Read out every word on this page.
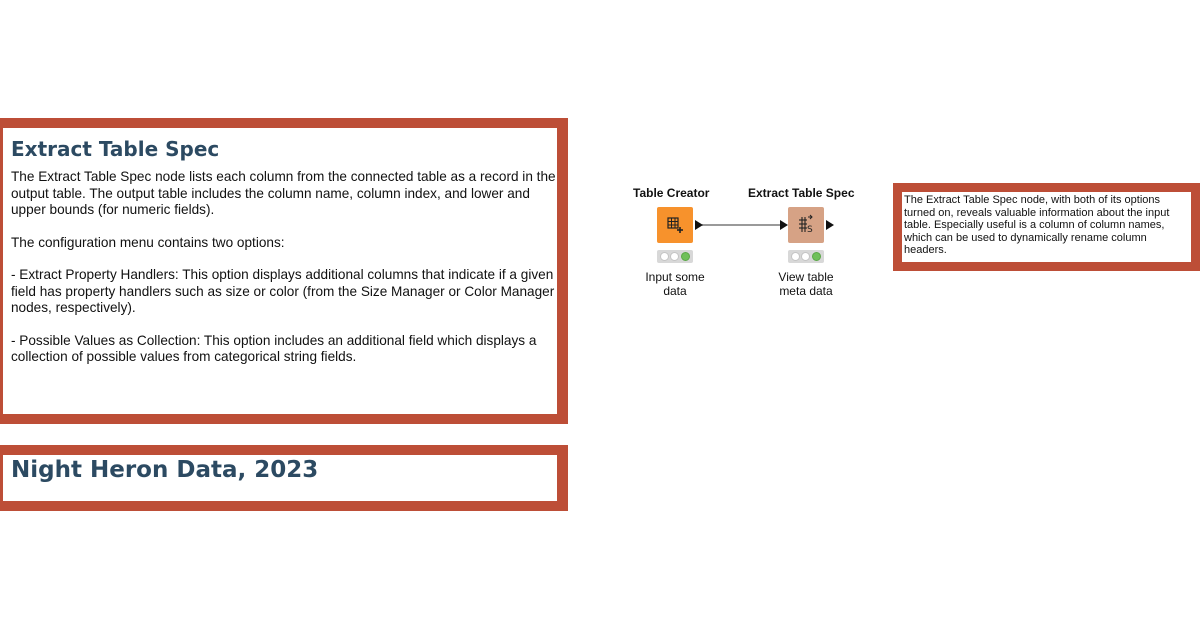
Extract Table Spec

The Extract Table Spec node lists each column from the connected table as a record in the output table. The output table includes the column name, column index, and lower and upper bounds (for numeric fields).

The configuration menu contains two options:

- Extract Property Handlers: This option displays additional columns that indicate if a given field has property handlers such as size or color (from the Size Manager or Color Manager nodes, respectively).

- Possible Values as Collection: This option includes an additional field which displays a collection of possible values from categorical string fields.

Night Heron Data, 2023
The Extract Table Spec node, with both of its options turned on, reveals valuable information about the input table. Especially useful is a column of column names, which can be used to dynamically rename column headers.
Table Creator
Input some
data
Extract Table Spec
S
View table
meta data
